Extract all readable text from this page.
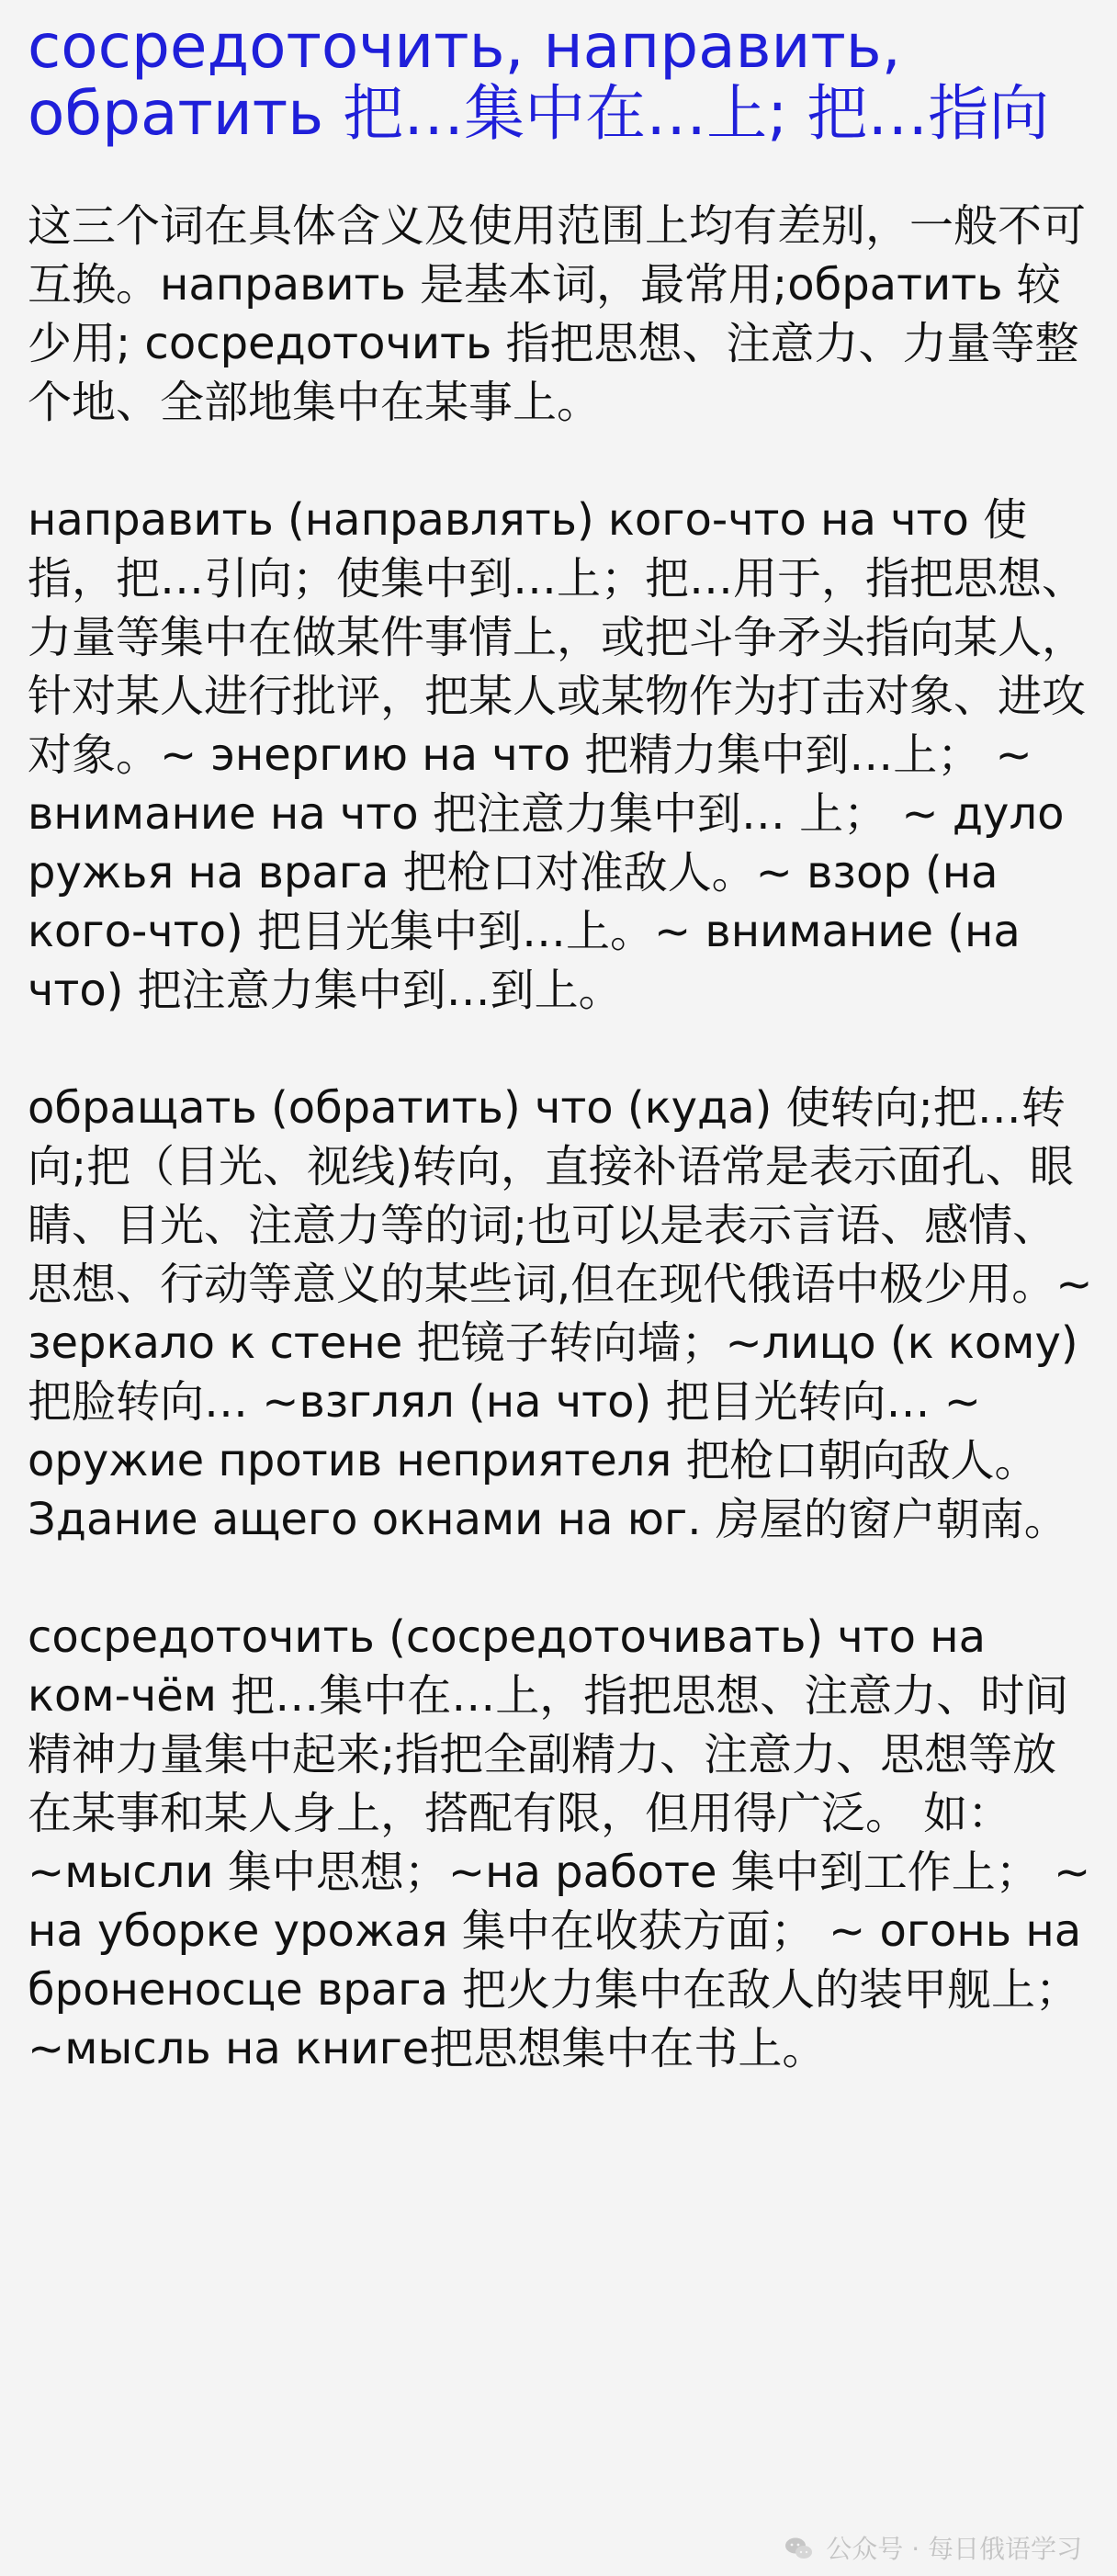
сосредоточить, направить, обратить 把…集中在…上; 把…指向

这三个词在具体含义及使用范围上均有差别，一般不可互换。направить 是基本词，最常用;обратить 较少用; сосредоточить 指把思想、注意力、力量等整个地、全部地集中在某事上。

направить (направлять) кого-что на что 使指，把…引向；使集中到…上；把…用于，指把思想、力量等集中在做某件事情上，或把斗争矛头指向某人，针对某人进行批评，把某人或某物作为打击对象、进攻对象。~ энергию на что 把精力集中到…上； ~ внимание на что 把注意力集中到… 上； ~ дуло ружья на врага 把枪口对准敌人。~ взор (на кого-что) 把目光集中到…上。~ внимание (на что) 把注意力集中到…到上。

обращать (обратить) что (куда) 使转向;把…转向;把（目光、视线)转向，直接补语常是表示面孔、眼睛、目光、注意力等的词;也可以是表示言语、感情、思想、行动等意义的某些词,但在现代俄语中极少用。~ зеркало к стене 把镜子转向墙；~лицо (к кому) 把脸转向… ~взглял (на что) 把目光转向… ~ оружие против неприятеля 把枪口朝向敌人。Здание ащего окнами на юг. 房屋的窗户朝南。

сосредоточить (сосредоточивать) что на ком-чём 把…集中在…上，指把思想、注意力、时间精神力量集中起来;指把全副精力、注意力、思想等放在某事和某人身上，搭配有限，但用得广泛。 如：~мысли 集中思想；~на работе 集中到工作上； ~ на уборке урожая 集中在收获方面； ~ огонь на броненосце врага 把火力集中在敌人的装甲舰上； ~мысль на книге把思想集中在书上。

公众号 · 每日俄语学习
